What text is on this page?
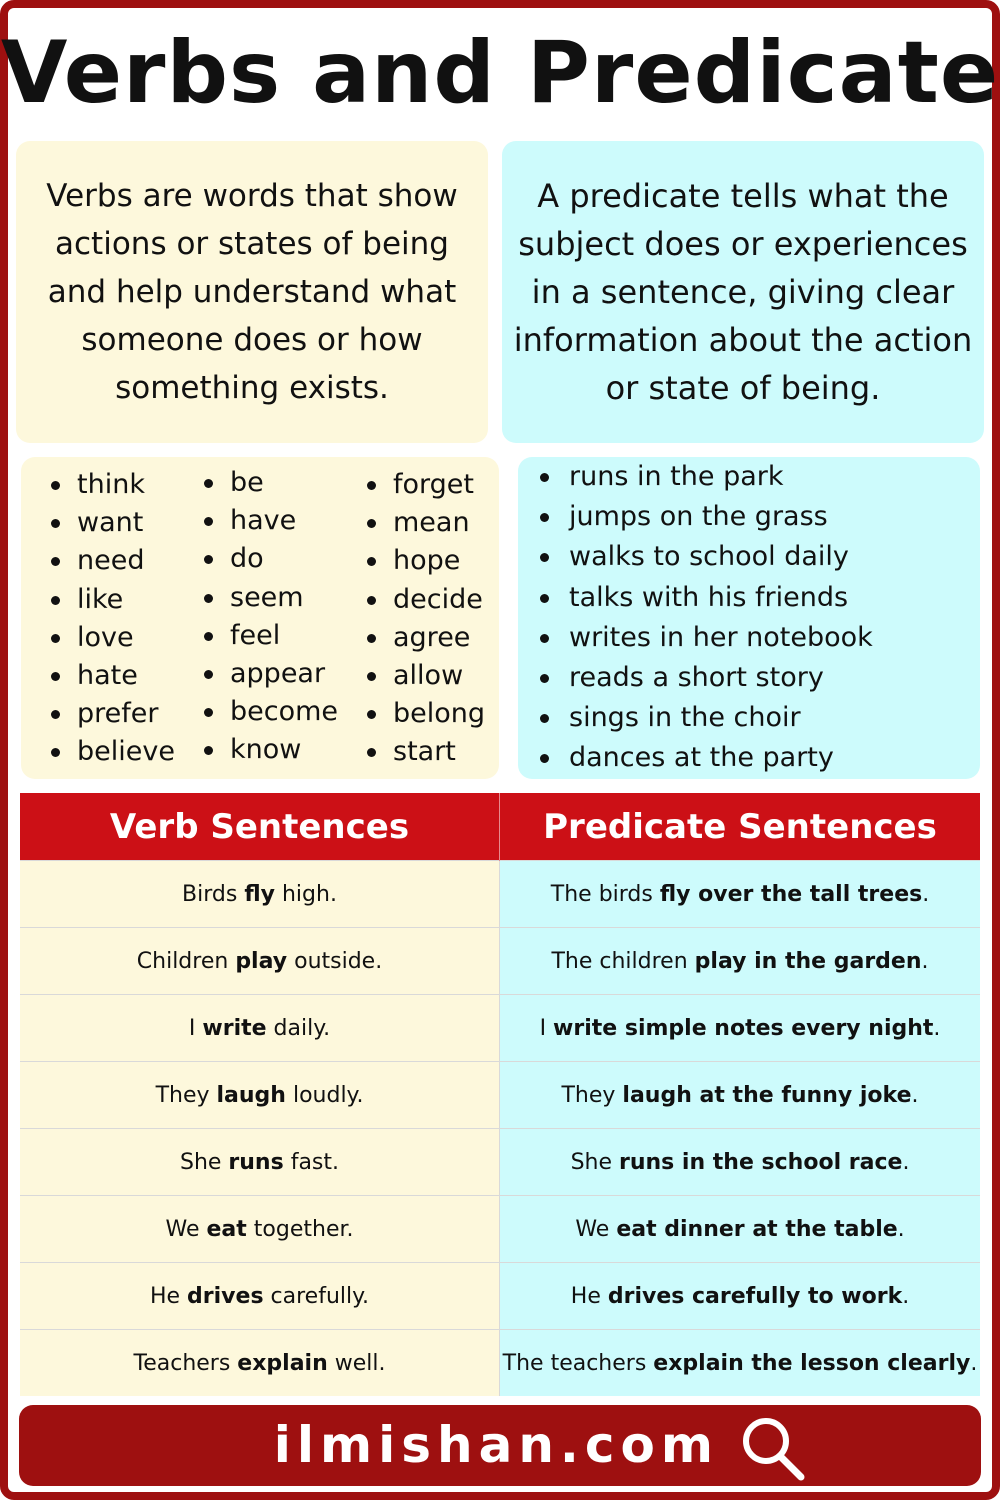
Verbs and Predicate
Verbs are words that show actions or states of being and help understand what someone does or how something exists.
A predicate tells what the subject does or experiences in a sentence, giving clear information about the action or state of being.
think
want
need
like
love
hate
prefer
believe
be
have
do
seem
feel
appear
become
know
forget
mean
hope
decide
agree
allow
belong
start
runs in the park
jumps on the grass
walks to school daily
talks with his friends
writes in her notebook
reads a short story
sings in the choir
dances at the party
Verb Sentences	Predicate Sentences
Birds fly high.	The birds fly over the tall trees.
Children play outside.	The children play in the garden.
I write daily.	I write simple notes every night.
They laugh loudly.	They laugh at the funny joke.
She runs fast.	She runs in the school race.
We eat together.	We eat dinner at the table.
He drives carefully.	He drives carefully to work.
Teachers explain well.	The teachers explain the lesson clearly.
ilmishan.com
